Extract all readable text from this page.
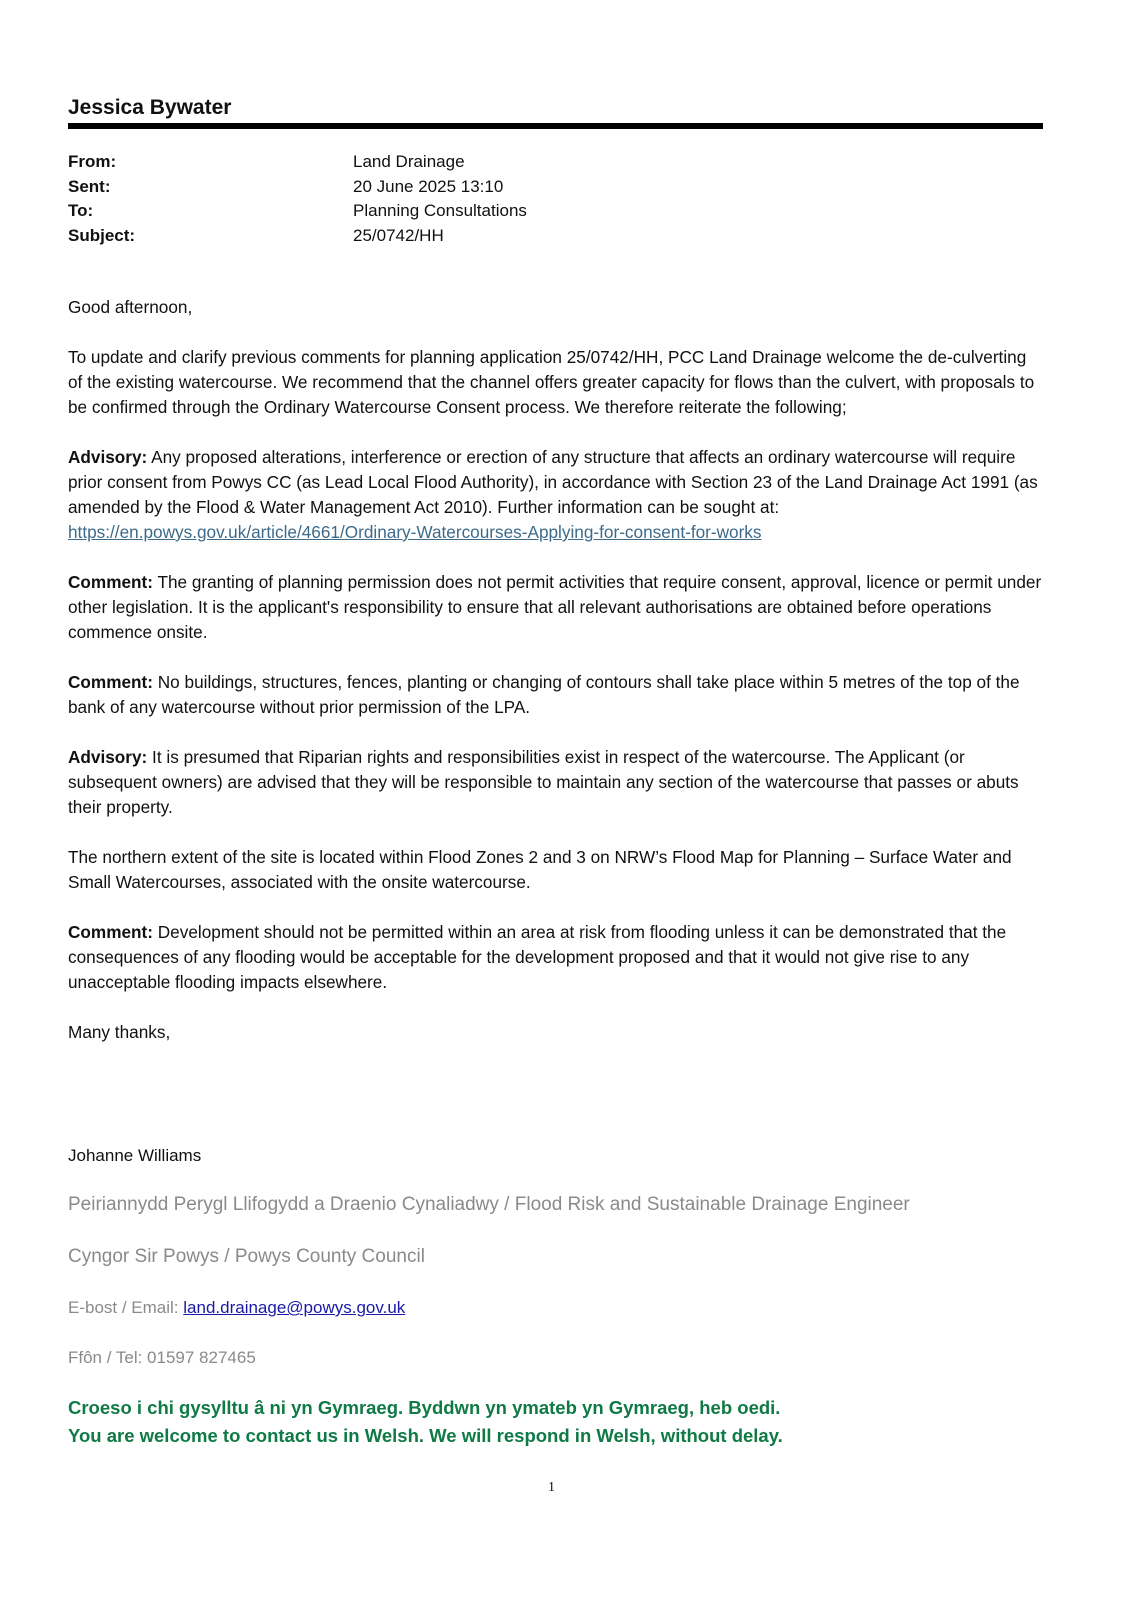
Jessica Bywater
From:	Land Drainage
Sent:	20 June 2025 13:10
To:	Planning Consultations
Subject:	25/0742/HH

Good afternoon,

To update and clarify previous comments for planning application 25/0742/HH, PCC Land Drainage welcome the de-culverting of the existing watercourse. We recommend that the channel offers greater capacity for flows than the culvert, with proposals to be confirmed through the Ordinary Watercourse Consent process. We therefore reiterate the following;

Advisory: Any proposed alterations, interference or erection of any structure that affects an ordinary watercourse will require prior consent from Powys CC (as Lead Local Flood Authority), in accordance with Section 23 of the Land Drainage Act 1991 (as amended by the Flood & Water Management Act 2010). Further information can be sought at: https://en.powys.gov.uk/article/4661/Ordinary-Watercourses-Applying-for-consent-for-works

Comment: The granting of planning permission does not permit activities that require consent, approval, licence or permit under other legislation. It is the applicant's responsibility to ensure that all relevant authorisations are obtained before operations commence onsite.

Comment: No buildings, structures, fences, planting or changing of contours shall take place within 5 metres of the top of the bank of any watercourse without prior permission of the LPA.

Advisory: It is presumed that Riparian rights and responsibilities exist in respect of the watercourse. The Applicant (or subsequent owners) are advised that they will be responsible to maintain any section of the watercourse that passes or abuts their property.

The northern extent of the site is located within Flood Zones 2 and 3 on NRW’s Flood Map for Planning – Surface Water and Small Watercourses, associated with the onsite watercourse.

Comment: Development should not be permitted within an area at risk from flooding unless it can be demonstrated that the consequences of any flooding would be acceptable for the development proposed and that it would not give rise to any unacceptable flooding impacts elsewhere.

Many thanks,

Johanne Williams
Peiriannydd Perygl Llifogydd a Draenio Cynaliadwy / Flood Risk and Sustainable Drainage Engineer
Cyngor Sir Powys / Powys County Council
E-bost / Email: land.drainage@powys.gov.uk
Ffôn / Tel: 01597 827465
Croeso i chi gysylltu â ni yn Gymraeg. Byddwn yn ymateb yn Gymraeg, heb oedi.
You are welcome to contact us in Welsh. We will respond in Welsh, without delay.
1
